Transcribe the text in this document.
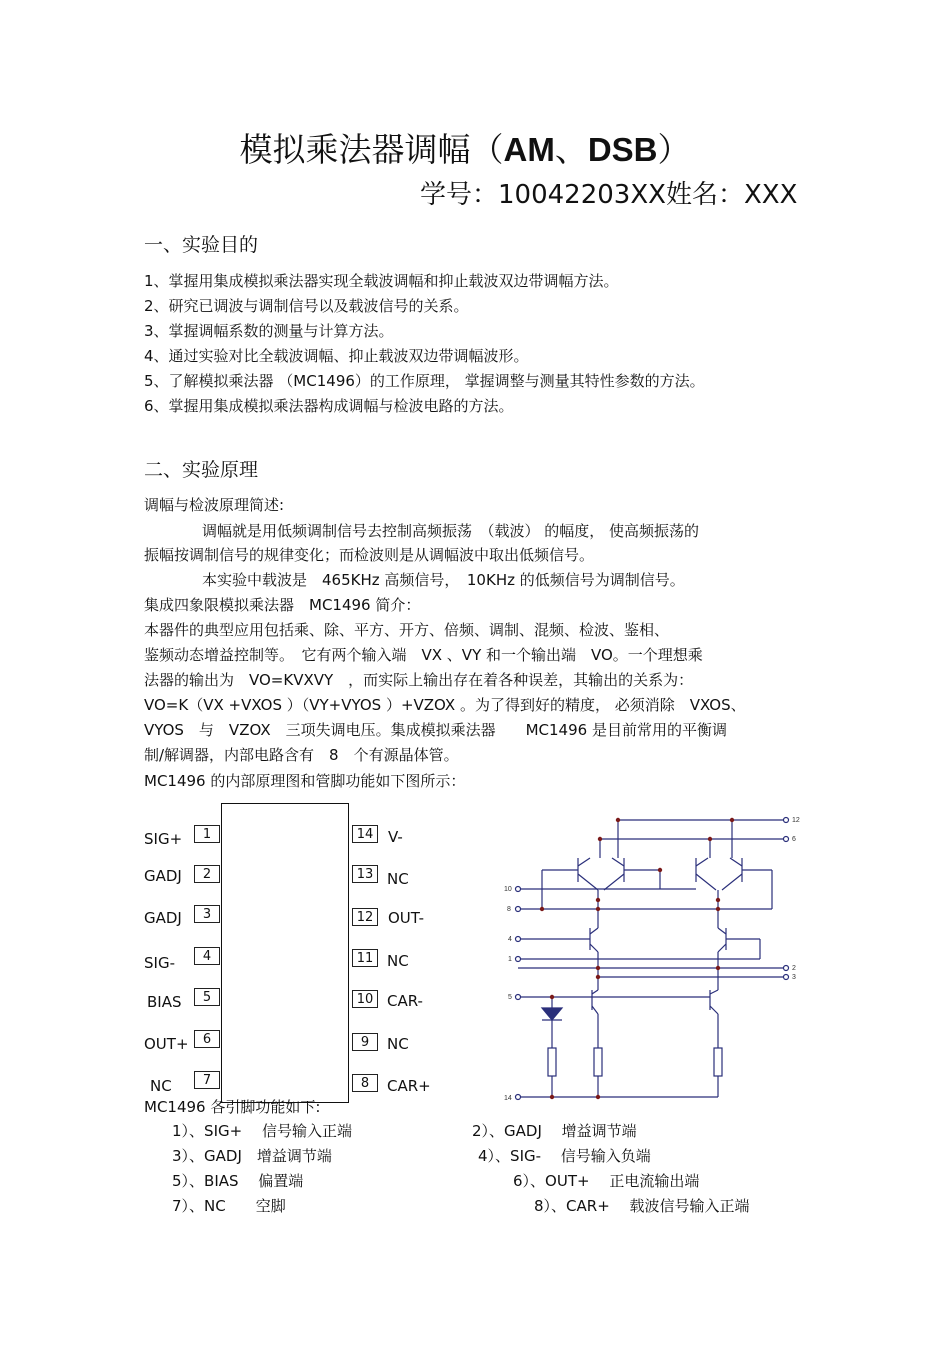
模拟乘法器调幅（AM、DSB）
学号：10042203XX姓名：XXX
一、实验目的
1、掌握用集成模拟乘法器实现全载波调幅和抑止载波双边带调幅方法。
2、研究已调波与调制信号以及载波信号的关系。
3、掌握调幅系数的测量与计算方法。
4、通过实验对比全载波调幅、抑止载波双边带调幅波形。
5、了解模拟乘法器 （MC1496）的工作原理， 掌握调整与测量其特性参数的方法。
6、掌握用集成模拟乘法器构成调幅与检波电路的方法。
二、实验原理
调幅与检波原理简述:
调幅就是用低频调制信号去控制高频振荡　（载波） 的幅度， 使高频振荡的
振幅按调制信号的规律变化；而检波则是从调幅波中取出低频信号。
本实验中载波是　465KHz 高频信号，　10KHz 的低频信号为调制信号。
集成四象限模拟乘法器　MC1496 简介：
本器件的典型应用包括乘、除、平方、开方、倍频、调制、混频、检波、鉴相、
鉴频动态增益控制等。　它有两个输入端　VX 、VY 和一个输出端　VO。一个理想乘
法器的输出为　VO=KVXVY　，而实际上输出存在着各种误差，其输出的关系为：
VO=K（VX +VXOS ）（VY+VYOS ）+VZOX 。为了得到好的精度， 必须消除　VXOS、
VYOS　与　VZOX　三项失调电压。集成模拟乘法器　　MC1496 是目前常用的平衡调
制/解调器，内部电路含有　8　个有源晶体管。
MC1496 的内部原理图和管脚功能如下图所示：
1
SIG+
2
GADJ
3
GADJ
4
SIG-
5
BIAS
6
OUT+
7
NC
14 V-
13 NC
12 OUT-
11 NC
10 CAR-
9	NC
8	CAR+
12
6
10
8
4
1
2
3
5
14
MC1496 各引脚功能如下:
1）、SIG+　 信号输入正端	2）、GADJ　 增益调节端
3）、GADJ　增益调节端	4）、SIG-　 信号输入负端
5）、BIAS　 偏置端	6）、OUT+　 正电流输出端
7）、NC　　空脚	8）、CAR+　 载波信号输入正端
